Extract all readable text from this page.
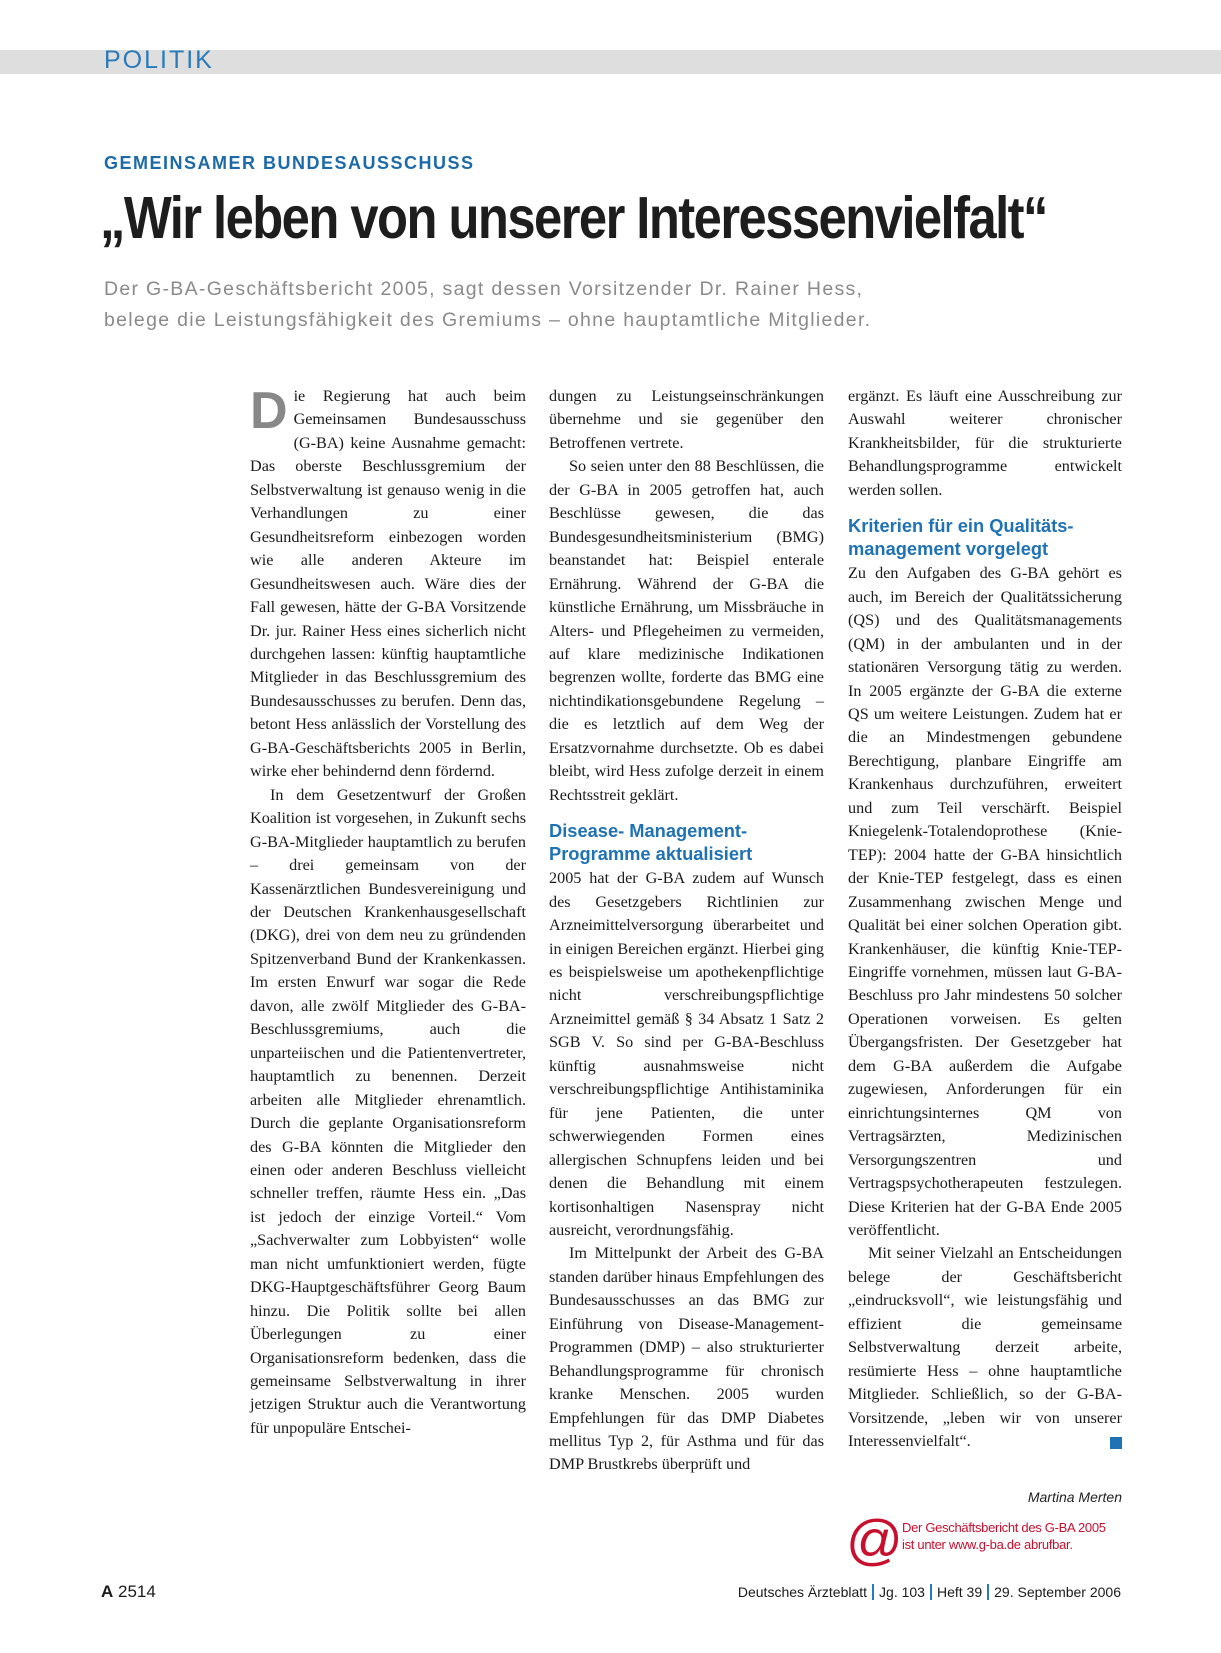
POLITIK
GEMEINSAMER BUNDESAUSSCHUSS
„Wir leben von unserer Interessenvielfalt“
Der G-BA-Geschäftsbericht 2005, sagt dessen Vorsitzender Dr. Rainer Hess,
belege die Leistungsfähigkeit des Gremiums – ohne hauptamtliche Mitglieder.

Die Regierung hat auch beim Gemeinsamen Bundesausschuss (G-BA) keine Ausnahme gemacht: Das oberste Beschlussgremium der Selbstverwaltung ist genauso wenig in die Verhandlungen zu einer Gesundheitsreform einbezogen worden wie alle anderen Akteure im Gesundheitswesen auch. Wäre dies der Fall gewesen, hätte der G-BA Vorsitzende Dr. jur. Rainer Hess eines sicherlich nicht durchgehen lassen: künftig hauptamtliche Mitglieder in das Beschlussgremium des Bundesausschusses zu berufen. Denn das, betont Hess anlässlich der Vorstellung des G-BA-Geschäftsberichts 2005 in Berlin, wirke eher behindernd denn fördernd.

In dem Gesetzentwurf der Großen Koalition ist vorgesehen, in Zukunft sechs G-BA-Mitglieder hauptamtlich zu berufen – drei gemeinsam von der Kassenärztlichen Bundesvereinigung und der Deutschen Krankenhausgesellschaft (DKG), drei von dem neu zu gründenden Spitzenverband Bund der Krankenkassen. Im ersten Enwurf war sogar die Rede davon, alle zwölf Mitglieder des G-BA-Beschlussgremiums, auch die unparteiischen und die Patientenvertreter, hauptamtlich zu benennen. Derzeit arbeiten alle Mitglieder ehrenamtlich. Durch die geplante Organisationsreform des G-BA könnten die Mitglieder den einen oder anderen Beschluss vielleicht schneller treffen, räumte Hess ein. „Das ist jedoch der einzige Vorteil.“ Vom „Sachverwalter zum Lobbyisten“ wolle man nicht umfunktioniert werden, fügte DKG-Hauptgeschäftsführer Georg Baum hinzu. Die Politik sollte bei allen Überlegungen zu einer Organisationsreform bedenken, dass die gemeinsame Selbstverwaltung in ihrer jetzigen Struktur auch die Verantwortung für unpopuläre Entschei-

dungen zu Leistungseinschränkungen übernehme und sie gegenüber den Betroffenen vertrete.

So seien unter den 88 Beschlüssen, die der G-BA in 2005 getroffen hat, auch Beschlüsse gewesen, die das Bundesgesundheitsministerium (BMG) beanstandet hat: Beispiel enterale Ernährung. Während der G-BA die künstliche Ernährung, um Missbräuche in Alters- und Pflegeheimen zu vermeiden, auf klare medizinische Indikationen begrenzen wollte, forderte das BMG eine nichtindikationsgebundene Regelung – die es letztlich auf dem Weg der Ersatzvornahme durchsetzte. Ob es dabei bleibt, wird Hess zufolge derzeit in einem Rechtsstreit geklärt.

Disease- Management-Programme aktualisiert

2005 hat der G-BA zudem auf Wunsch des Gesetzgebers Richtlinien zur Arzneimittelversorgung überarbeitet und in einigen Bereichen ergänzt. Hierbei ging es beispielsweise um apothekenpflichtige nicht verschreibungspflichtige Arzneimittel gemäß § 34 Absatz 1 Satz 2 SGB V. So sind per G-BA-Beschluss künftig ausnahmsweise nicht verschreibungspflichtige Antihistaminika für jene Patienten, die unter schwerwiegenden Formen eines allergischen Schnupfens leiden und bei denen die Behandlung mit einem kortisonhaltigen Nasenspray nicht ausreicht, verordnungsfähig.

Im Mittelpunkt der Arbeit des G-BA standen darüber hinaus Empfehlungen des Bundesausschusses an das BMG zur Einführung von Disease-Management-Programmen (DMP) – also strukturierter Behandlungsprogramme für chronisch kranke Menschen. 2005 wurden Empfehlungen für das DMP Diabetes mellitus Typ 2, für Asthma und für das DMP Brustkrebs überprüft und

ergänzt. Es läuft eine Ausschreibung zur Auswahl weiterer chronischer Krankheitsbilder, für die strukturierte Behandlungsprogramme entwickelt werden sollen.

Kriterien für ein Qualitäts-management vorgelegt

Zu den Aufgaben des G-BA gehört es auch, im Bereich der Qualitätssicherung (QS) und des Qualitätsmanagements (QM) in der ambulanten und in der stationären Versorgung tätig zu werden. In 2005 ergänzte der G-BA die externe QS um weitere Leistungen. Zudem hat er die an Mindestmengen gebundene Berechtigung, planbare Eingriffe am Krankenhaus durchzuführen, erweitert und zum Teil verschärft. Beispiel Kniegelenk-Totalendoprothese (Knie-TEP): 2004 hatte der G-BA hinsichtlich der Knie-TEP festgelegt, dass es einen Zusammenhang zwischen Menge und Qualität bei einer solchen Operation gibt. Krankenhäuser, die künftig Knie-TEP-Eingriffe vornehmen, müssen laut G-BA-Beschluss pro Jahr mindestens 50 solcher Operationen vorweisen. Es gelten Übergangsfristen. Der Gesetzgeber hat dem G-BA außerdem die Aufgabe zugewiesen, Anforderungen für ein einrichtungsinternes QM von Vertragsärzten, Medizinischen Versorgungszentren und Vertragspsychotherapeuten festzulegen. Diese Kriterien hat der G-BA Ende 2005 veröffentlicht.

Mit seiner Vielzahl an Entscheidungen belege der Geschäftsbericht „eindrucksvoll“, wie leistungsfähig und effizient die gemeinsame Selbstverwaltung derzeit arbeite, resümierte Hess – ohne hauptamtliche Mitglieder. Schließlich, so der G-BA-Vorsitzende, „leben wir von unserer Interessenvielfalt“.

Martina Merten
@ Der Geschäftsbericht des G-BA 2005
ist unter www.g-ba.de abrufbar.
A 2514	Deutsches Ärzteblatt Jg. 103 Heft 39 29. September 2006
